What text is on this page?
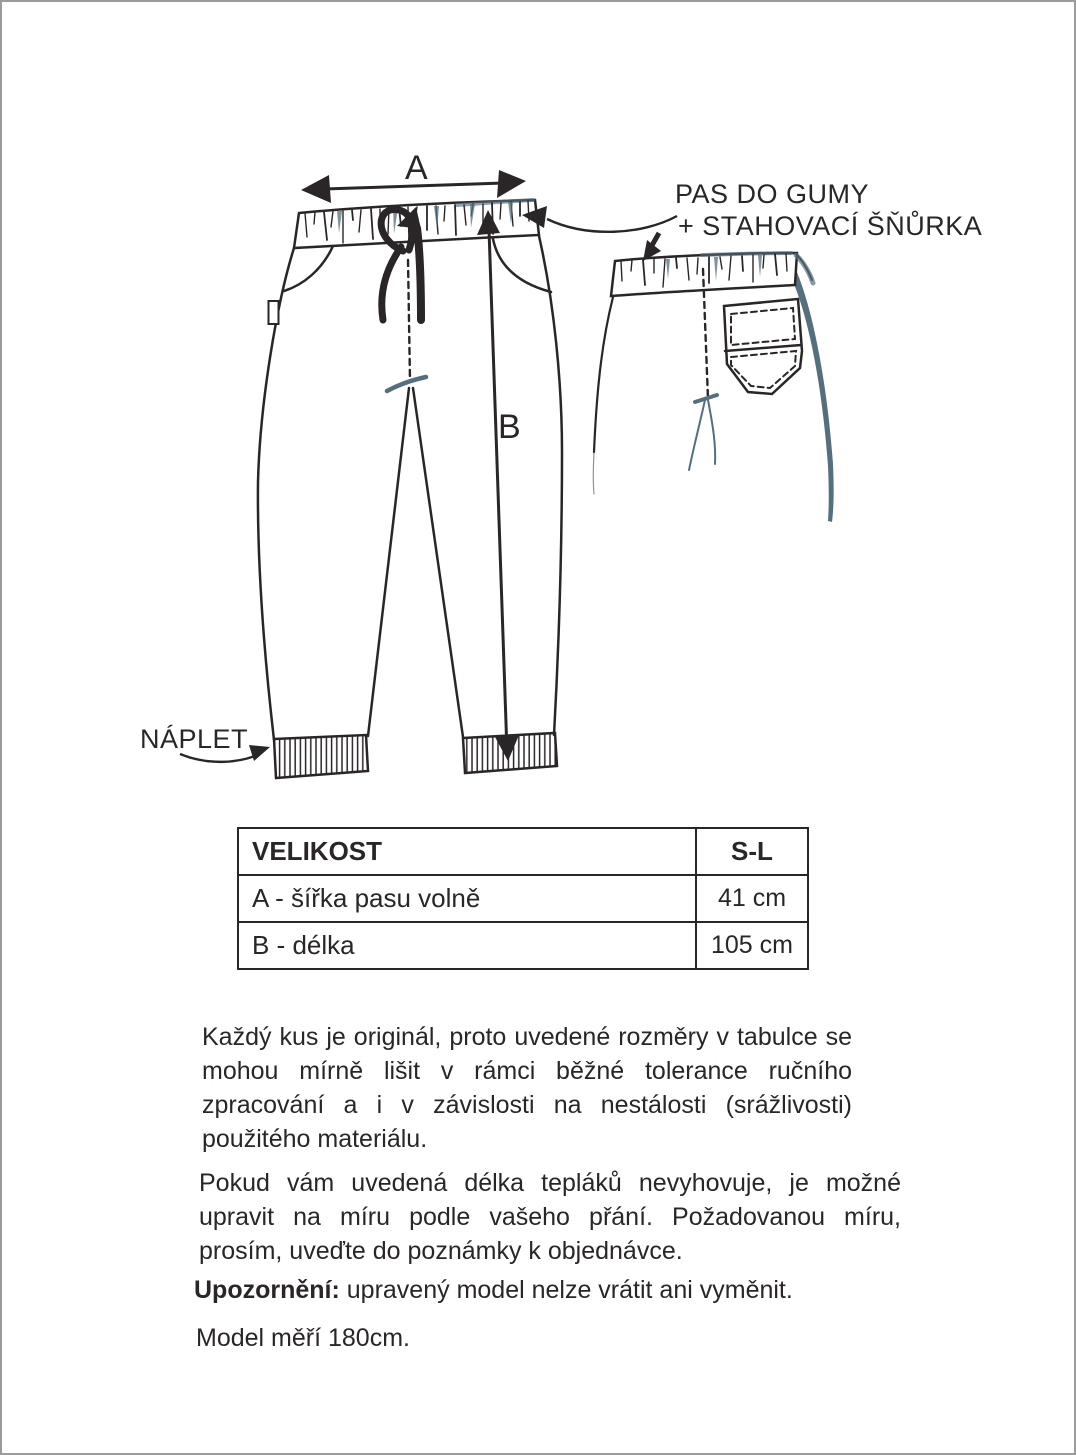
A
B
PAS DO GUMY
+ STAHOVACÍ ŠŇŮRKA
NÁPLET
VELIKOST	S-L
A - šířka pasu volně	41 cm
B - délka	105 cm

Každý kus je originál, proto uvedené rozměry v tabulce se mohou mírně lišit v rámci běžné tolerance ručního zpracování a i v závislosti na nestálosti (srážlivosti) použitého materiálu.

Pokud vám uvedená délka tepláků nevyhovuje, je možné upravit na míru podle vašeho přání. Požadovanou míru, prosím, uveďte do poznámky k objednávce.

Upozornění: upravený model nelze vrátit ani vyměnit.

Model měří 180cm.
